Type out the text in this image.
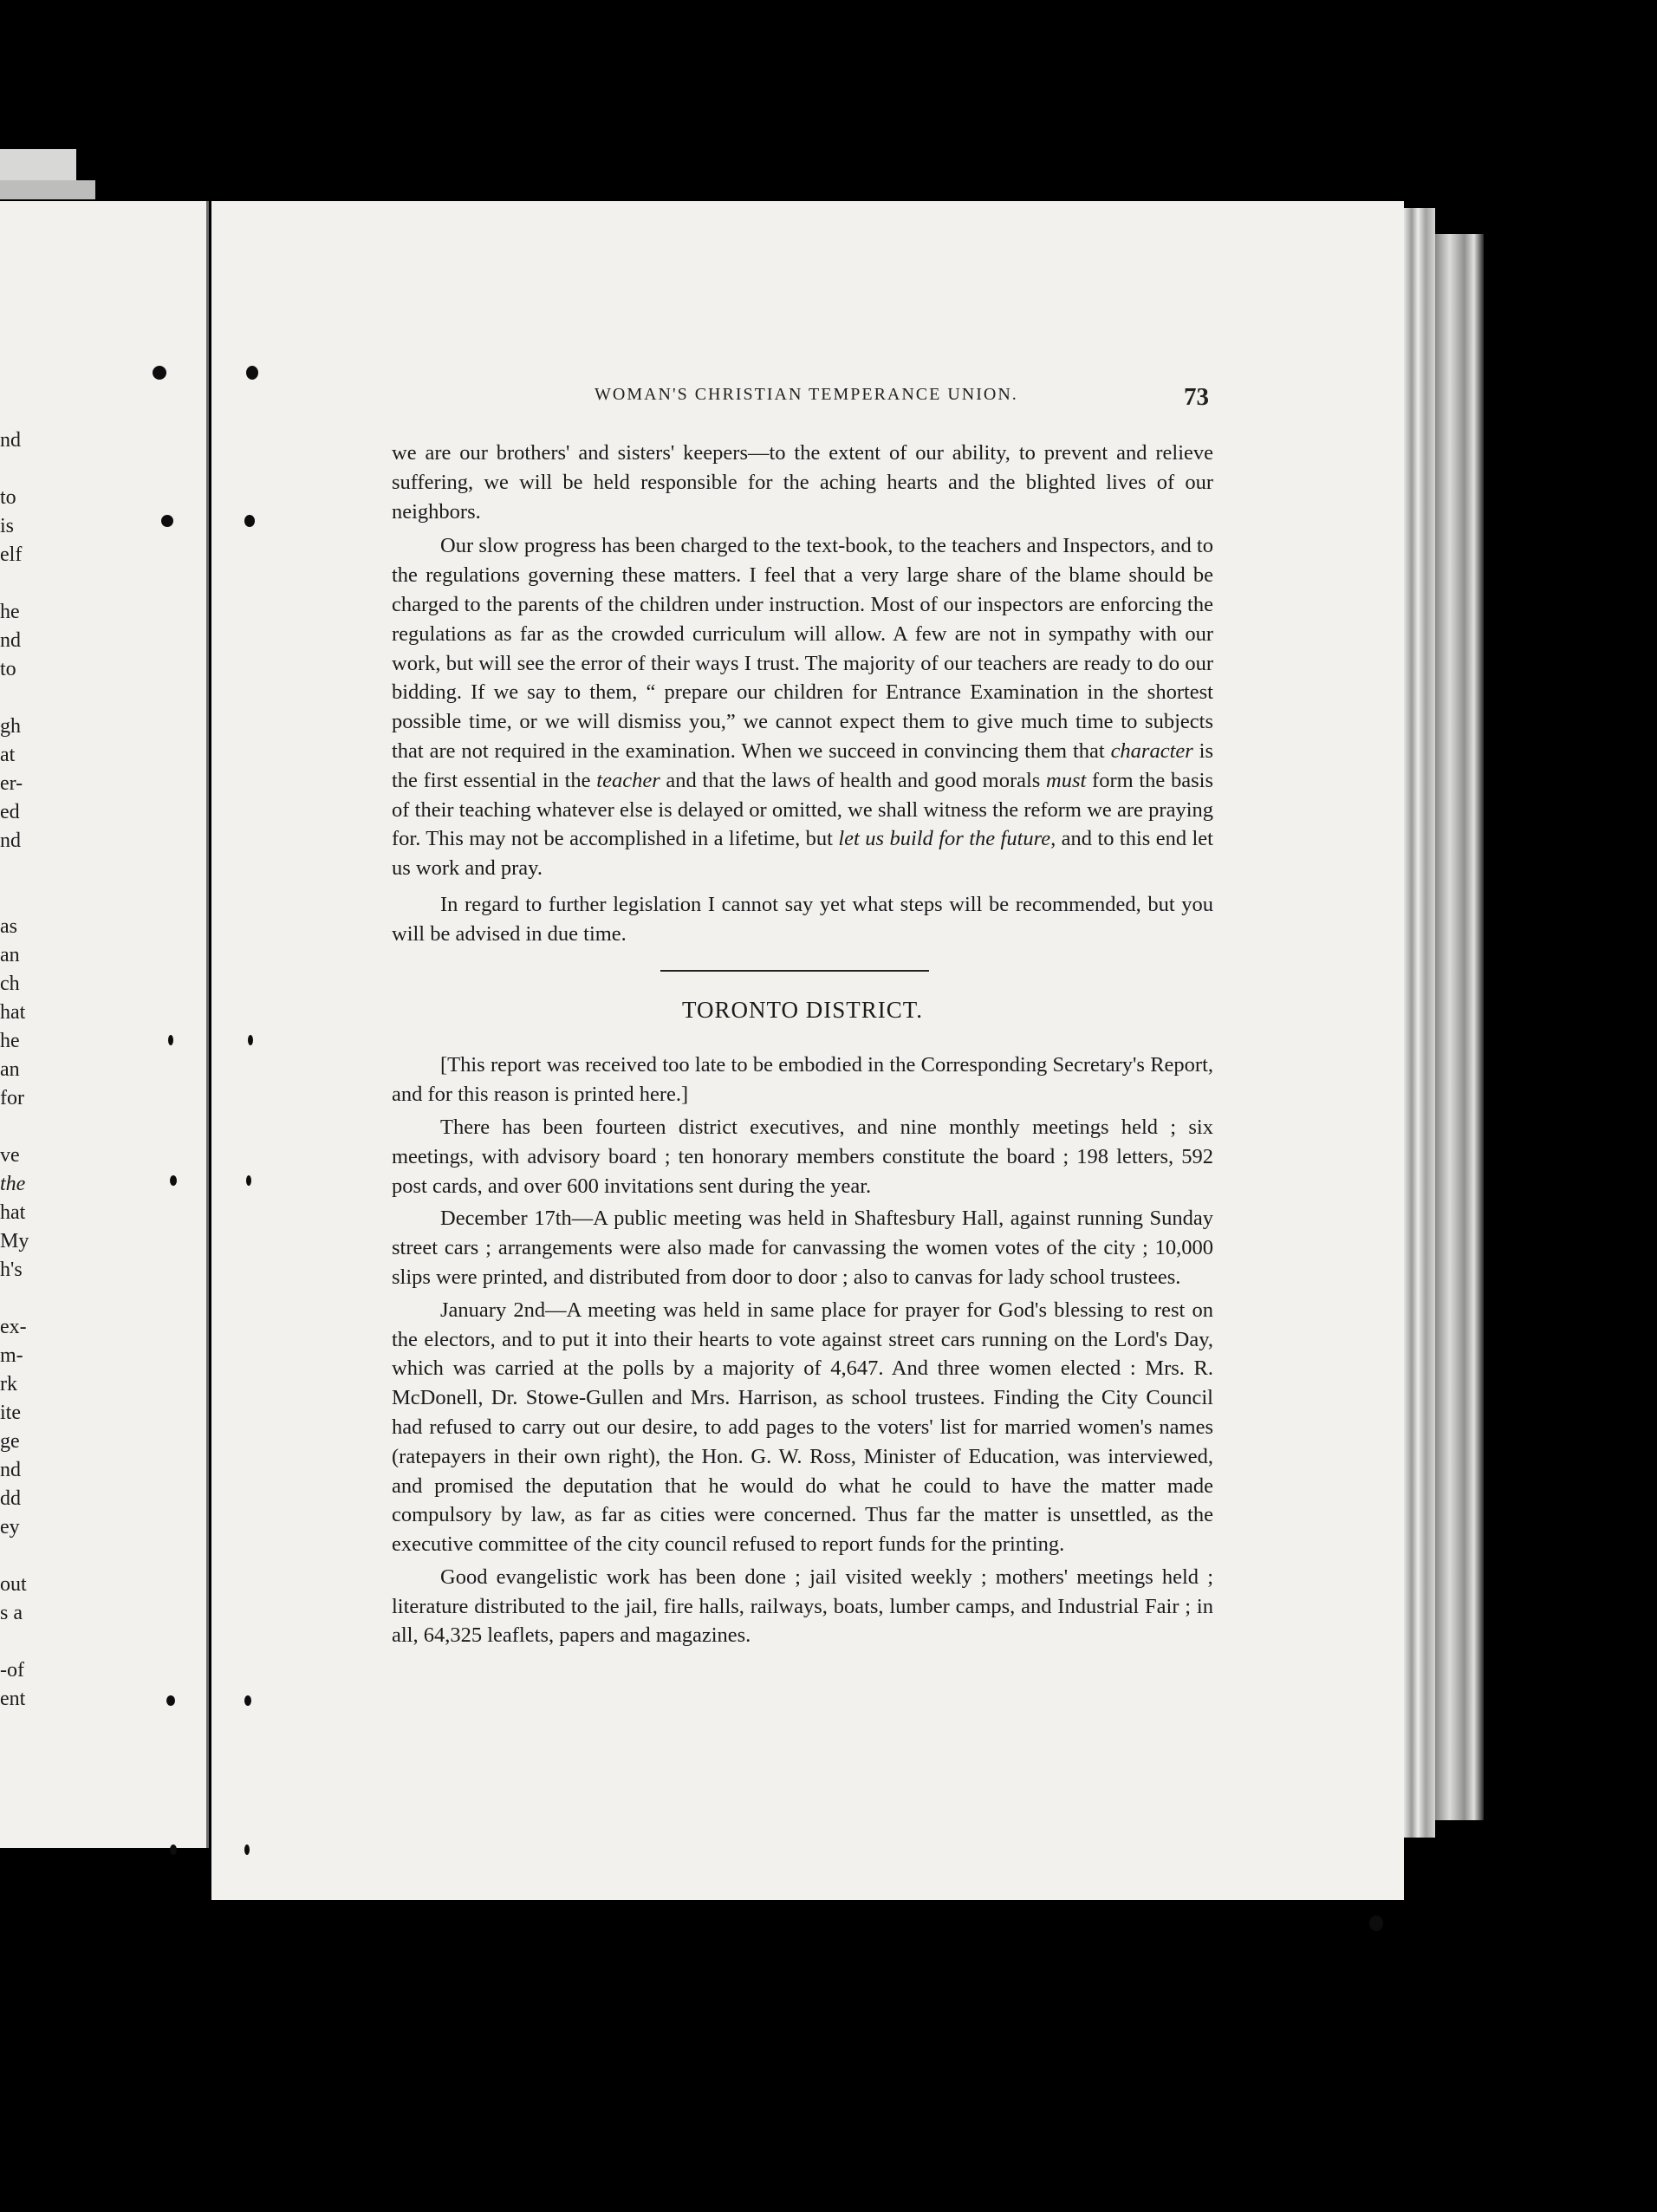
nd
to
is
elf
he
nd
to
gh
at
er-
ed
nd
as
an
ch
hat
he
an
for
ve
the
hat
My
h's
ex-
m-
rk
ite
ge
nd
dd
ey
out
s a
-of
ent
WOMAN'S CHRISTIAN TEMPERANCE UNION.	73

we are our brothers' and sisters' keepers—to the extent of our ability, to prevent and relieve suffering, we will be held responsible for the aching hearts and the blighted lives of our neighbors.

Our slow progress has been charged to the text-book, to the teachers and Inspectors, and to the regulations governing these matters. I feel that a very large share of the blame should be charged to the parents of the children under instruction. Most of our inspectors are enforcing the regulations as far as the crowded curriculum will allow. A few are not in sympathy with our work, but will see the error of their ways I trust. The majority of our teachers are ready to do our bidding. If we say to them, “ prepare our children for Entrance Examination in the shortest possible time, or we will dismiss you,” we cannot expect them to give much time to subjects that are not required in the examination. When we succeed in convincing them that character is the first essential in the teacher and that the laws of health and good morals must form the basis of their teaching whatever else is delayed or omitted, we shall witness the reform we are praying for. This may not be accomplished in a lifetime, but let us build for the future, and to this end let us work and pray.

In regard to further legislation I cannot say yet what steps will be recommended, but you will be advised in due time.

TORONTO DISTRICT.

[This report was received too late to be embodied in the Corresponding Secretary's Report, and for this reason is printed here.]

There has been fourteen district executives, and nine monthly meetings held ; six meetings, with advisory board ; ten honorary members constitute the board ; 198 letters, 592 post cards, and over 600 invitations sent during the year.

December 17th—A public meeting was held in Shaftesbury Hall, against running Sunday street cars ; arrangements were also made for canvassing the women votes of the city ; 10,000 slips were printed, and distributed from door to door ; also to canvas for lady school trustees.

January 2nd—A meeting was held in same place for prayer for God's blessing to rest on the electors, and to put it into their hearts to vote against street cars running on the Lord's Day, which was carried at the polls by a majority of 4,647. And three women elected : Mrs. R. McDonell, Dr. Stowe-Gullen and Mrs. Harrison, as school trustees. Finding the City Council had refused to carry out our desire, to add pages to the voters' list for married women's names (ratepayers in their own right), the Hon. G. W. Ross, Minister of Education, was interviewed, and promised the deputation that he would do what he could to have the matter made compulsory by law, as far as cities were concerned. Thus far the matter is unsettled, as the executive committee of the city council refused to report funds for the printing.

Good evangelistic work has been done ; jail visited weekly ; mothers' meetings held ; literature distributed to the jail, fire halls, railways, boats, lumber camps, and Industrial Fair ; in all, 64,325 leaflets, papers and magazines.
